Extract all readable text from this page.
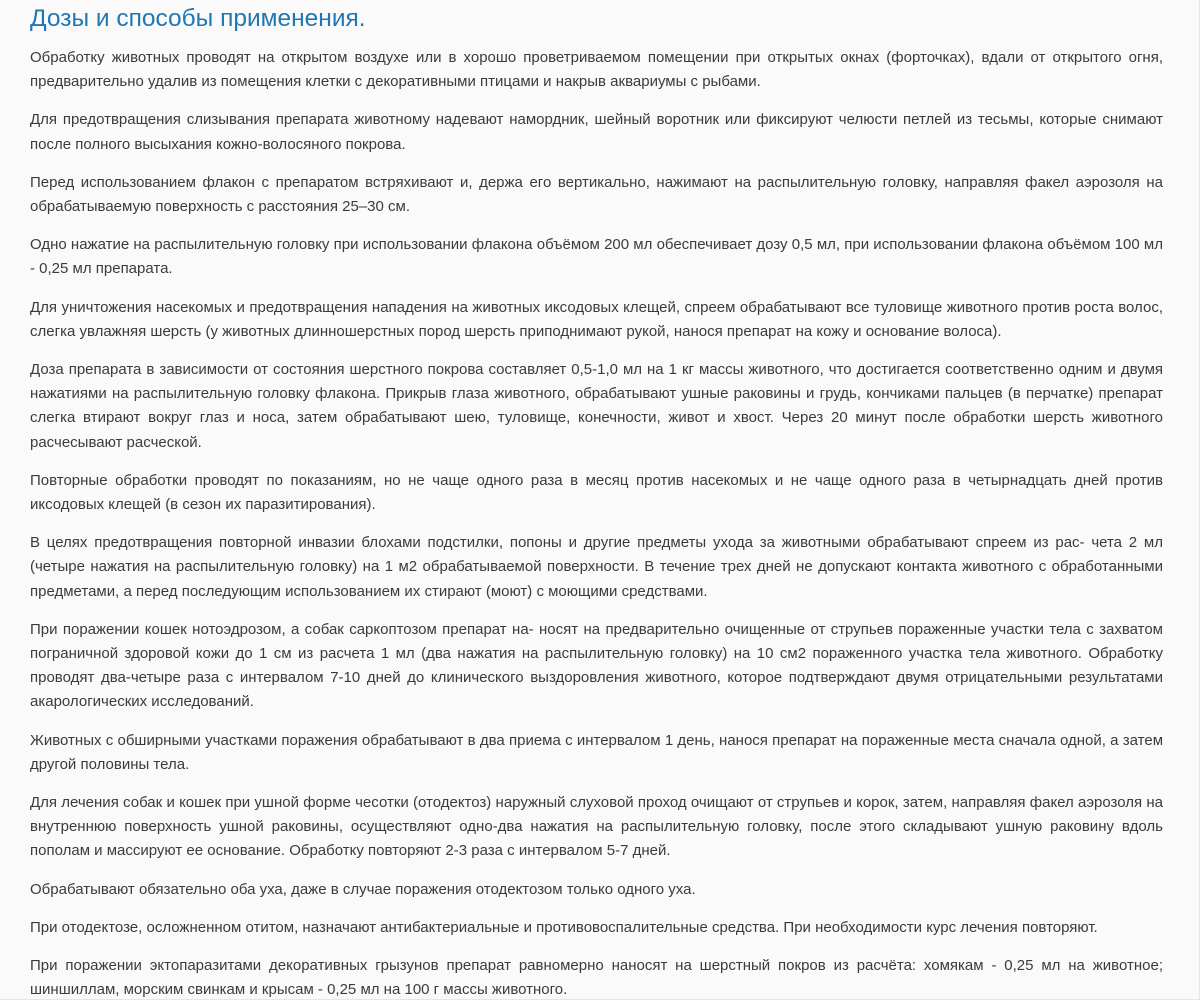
Дозы и способы применения.

Обработку животных проводят на открытом воздухе или в хорошо проветриваемом помещении при открытых окнах (форточках), вдали от открытого огня, предварительно удалив из помещения клетки с декоративными птицами и накрыв аквариумы с рыбами.

Для предотвращения слизывания препарата животному надевают намордник, шейный воротник или фиксируют челюсти петлей из тесьмы, которые снимают после полного высыхания кожно-волосяного покрова.

Перед использованием флакон с препаратом встряхивают и, держа его вертикально, нажимают на распылительную головку, направляя факел аэрозоля на обрабатываемую поверхность с расстояния 25–30 см.

Одно нажатие на распылительную головку при использовании флакона объёмом 200 мл обеспечивает дозу 0,5 мл, при использовании флакона объёмом 100 мл - 0,25 мл препарата.

Для уничтожения насекомых и предотвращения нападения на животных иксодовых клещей, спреем обрабатывают все туловище животного против роста волос, слегка увлажняя шерсть (у животных длинношерстных пород шерсть приподнимают рукой, нанося препарат на кожу и основание волоса).

Доза препарата в зависимости от состояния шерстного покрова составляет 0,5-1,0 мл на 1 кг массы животного, что достигается соответственно одним и двумя нажатиями на распылительную головку флакона. Прикрыв глаза животного, обрабатывают ушные раковины и грудь, кончиками пальцев (в перчатке) препарат слегка втирают вокруг глаз и носа, затем обрабатывают шею, туловище, конечности, живот и хвост. Через 20 минут после обработки шерсть животного расчесывают расческой.

Повторные обработки проводят по показаниям, но не чаще одного раза в месяц против насекомых и не чаще одного раза в четырнадцать дней против иксодовых клещей (в сезон их паразитирования).

В целях предотвращения повторной инвазии блохами подстилки, попоны и другие предметы ухода за животными обрабатывают спреем из рас- чета 2 мл (четыре нажатия на распылительную головку) на 1 м2 обрабатываемой поверхности. В течение трех дней не допускают контакта животного с обработанными предметами, а перед последующим использованием их стирают (моют) с моющими средствами.

При поражении кошек нотоэдрозом, а собак саркоптозом препарат на- носят на предварительно очищенные от струпьев пораженные участки тела с захватом пограничной здоровой кожи до 1 см из расчета 1 мл (два нажатия на распылительную головку) на 10 см2 пораженного участка тела животного. Обработку проводят два-четыре раза с интервалом 7-10 дней до клинического выздоровления животного, которое подтверждают двумя отрицательными результатами акарологических исследований.

Животных с обширными участками поражения обрабатывают в два приема с интервалом 1 день, нанося препарат на пораженные места сначала одной, а затем другой половины тела.

Для лечения собак и кошек при ушной форме чесотки (отодектоз) наружный слуховой проход очищают от струпьев и корок, затем, направляя факел аэрозоля на внутреннюю поверхность ушной раковины, осуществляют одно-два нажатия на распылительную головку, после этого складывают ушную раковину вдоль пополам и массируют ее основание. Обработку повторяют 2-3 раза с интервалом 5-7 дней.

Обрабатывают обязательно оба уха, даже в случае поражения отодектозом только одного уха.

При отодектозе, осложненном отитом, назначают антибактериальные и противовоспалительные средства. При необходимости курс лечения повторяют.

При поражении эктопаразитами декоративных грызунов препарат равномерно наносят на шерстный покров из расчёта: хомякам - 0,25 мл на животное; шиншиллам, морским свинкам и крысам - 0,25 мл на 100 г массы животного.
